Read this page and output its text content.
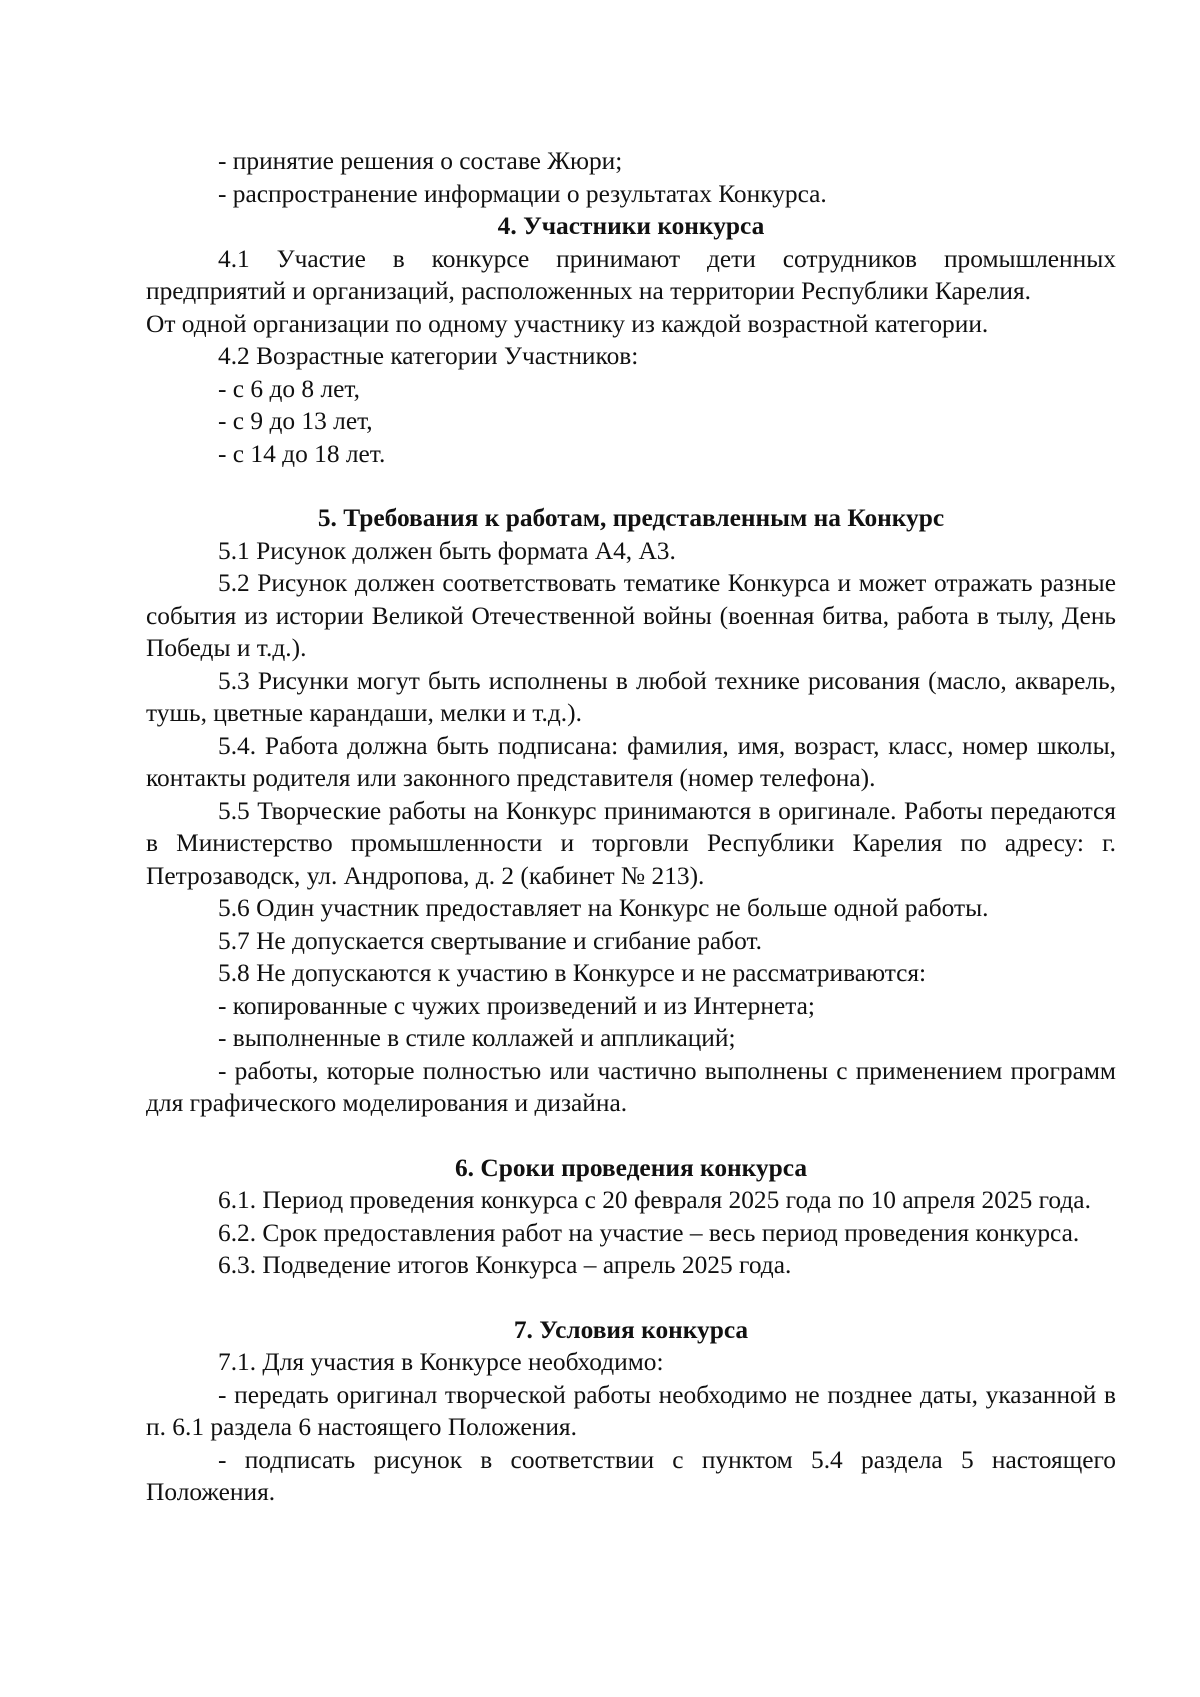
- принятие решения о составе Жюри;

- распространение информации о результатах Конкурса.

4. Участники конкурса

4.1 Участие в конкурсе принимают дети сотрудников промышленных предприятий и организаций, расположенных на территории Республики Карелия.

От одной организации по одному участнику из каждой возрастной категории.

4.2 Возрастные категории Участников:

- с 6 до 8 лет,

- с 9 до 13 лет,

- с 14 до 18 лет.

5. Требования к работам, представленным на Конкурс

5.1 Рисунок должен быть формата А4, А3.

5.2 Рисунок должен соответствовать тематике Конкурса и может отражать разные события из истории Великой Отечественной войны (военная битва, работа в тылу, День Победы и т.д.).

5.3 Рисунки могут быть исполнены в любой технике рисования (масло, акварель, тушь, цветные карандаши, мелки и т.д.).

5.4. Работа должна быть подписана: фамилия, имя, возраст, класс, номер школы, контакты родителя или законного представителя (номер телефона).

5.5 Творческие работы на Конкурс принимаются в оригинале. Работы передаются в Министерство промышленности и торговли Республики Карелия по адресу: г. Петрозаводск, ул. Андропова, д. 2 (кабинет № 213).

5.6 Один участник предоставляет на Конкурс не больше одной работы.

5.7 Не допускается свертывание и сгибание работ.

5.8 Не допускаются к участию в Конкурсе и не рассматриваются:

- копированные с чужих произведений и из Интернета;

- выполненные в стиле коллажей и аппликаций;

- работы, которые полностью или частично выполнены с применением программ для графического моделирования и дизайна.

6. Сроки проведения конкурса

6.1. Период проведения конкурса с 20 февраля 2025 года по 10 апреля 2025 года.

6.2. Срок предоставления работ на участие – весь период проведения конкурса.

6.3. Подведение итогов Конкурса – апрель 2025 года.

7. Условия конкурса

7.1. Для участия в Конкурсе необходимо:

- передать оригинал творческой работы необходимо не позднее даты, указанной в п. 6.1 раздела 6 настоящего Положения.

- подписать рисунок в соответствии с пунктом 5.4 раздела 5 настоящего Положения.
